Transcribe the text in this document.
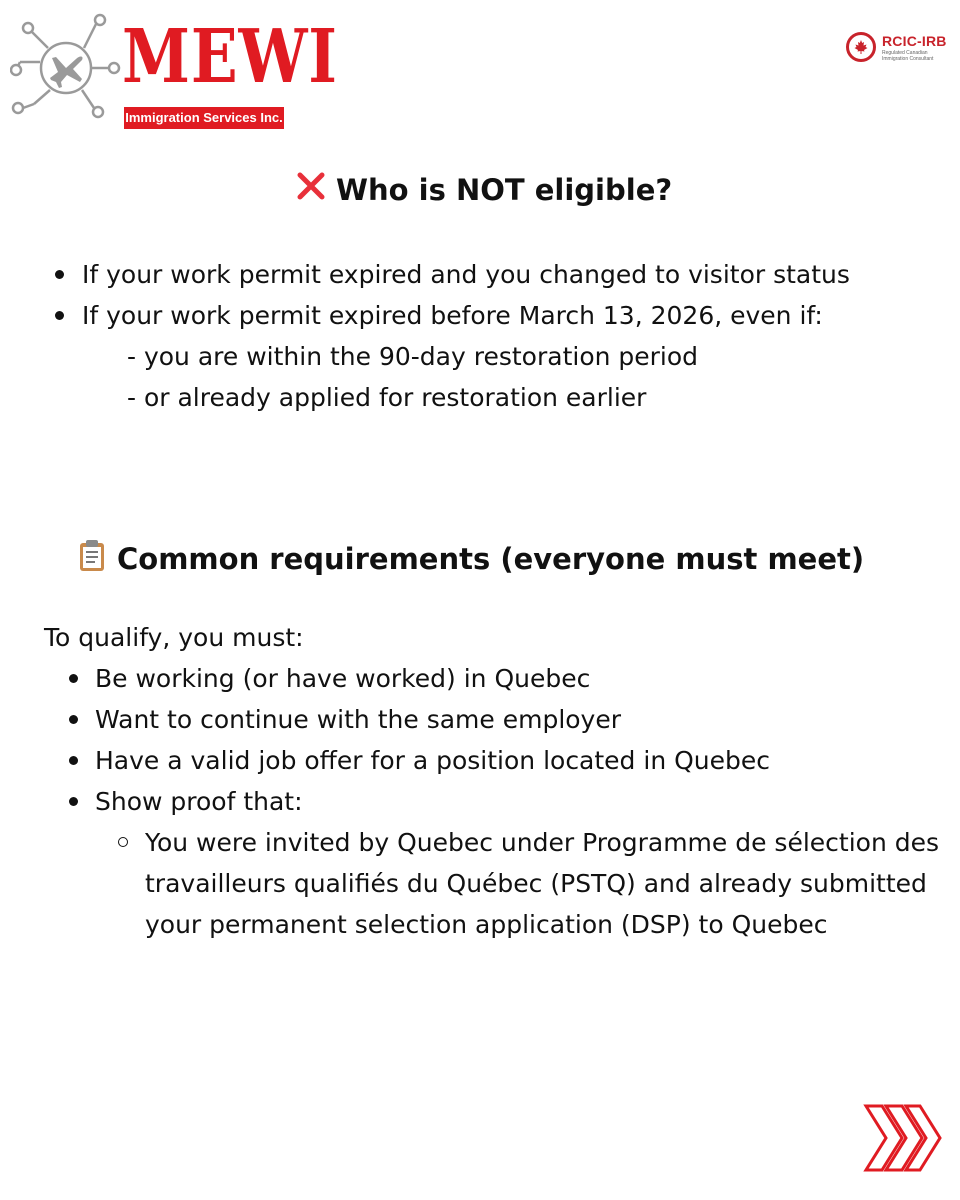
MEWI
Immigration Services Inc.
RCIC-IRB
Regulated Canadian Immigration Consultant
Who is NOT eligible?
If your work permit expired and you changed to visitor status
If your work permit expired before March 13, 2026, even if:
- you are within the 90-day restoration period
- or already applied for restoration earlier
Common requirements (everyone must meet)
To qualify, you must:
Be working (or have worked) in Quebec
Want to continue with the same employer
Have a valid job offer for a position located in Quebec
Show proof that:
You were invited by Quebec under Programme de sélection des travailleurs qualifiés du Québec (PSTQ) and already submitted your permanent selection application (DSP) to Quebec
